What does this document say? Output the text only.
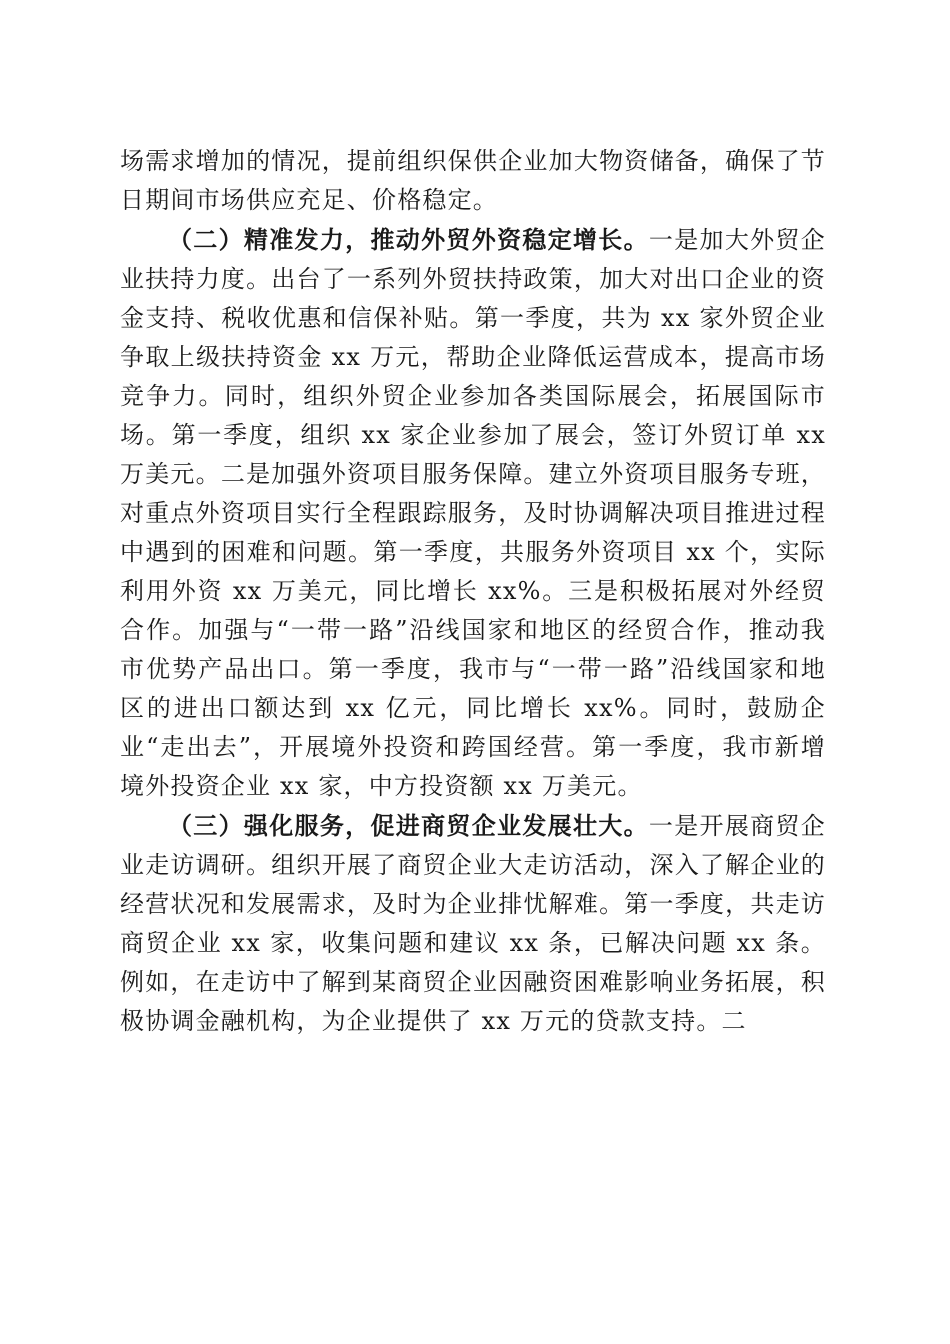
场需求增加的情况，提前组织保供企业加大物资储备，确保了节日期间市场供应充足、价格稳定。

（二）精准发力，推动外贸外资稳定增长。一是加大外贸企业扶持力度。出台了一系列外贸扶持政策，加大对出口企业的资金支持、税收优惠和信保补贴。第一季度，共为 xx 家外贸企业争取上级扶持资金 xx 万元，帮助企业降低运营成本，提高市场竞争力。同时，组织外贸企业参加各类国际展会，拓展国际市场。第一季度，组织 xx 家企业参加了展会，签订外贸订单 xx 万美元。二是加强外资项目服务保障。建立外资项目服务专班，对重点外资项目实行全程跟踪服务，及时协调解决项目推进过程中遇到的困难和问题。第一季度，共服务外资项目 xx 个，实际利用外资 xx 万美元，同比增长 xx%。三是积极拓展对外经贸合作。加强与“一带一路”沿线国家和地区的经贸合作，推动我市优势产品出口。第一季度，我市与“一带一路”沿线国家和地区的进出口额达到 xx 亿元，同比增长 xx%。同时，鼓励企业“走出去”，开展境外投资和跨国经营。第一季度，我市新增境外投资企业 xx 家，中方投资额 xx 万美元。

（三）强化服务，促进商贸企业发展壮大。一是开展商贸企业走访调研。组织开展了商贸企业大走访活动，深入了解企业的经营状况和发展需求，及时为企业排忧解难。第一季度，共走访商贸企业 xx 家，收集问题和建议 xx 条，已解决问题 xx 条。例如，在走访中了解到某商贸企业因融资困难影响业务拓展，积极协调金融机构，为企业提供了 xx 万元的贷款支持。二
